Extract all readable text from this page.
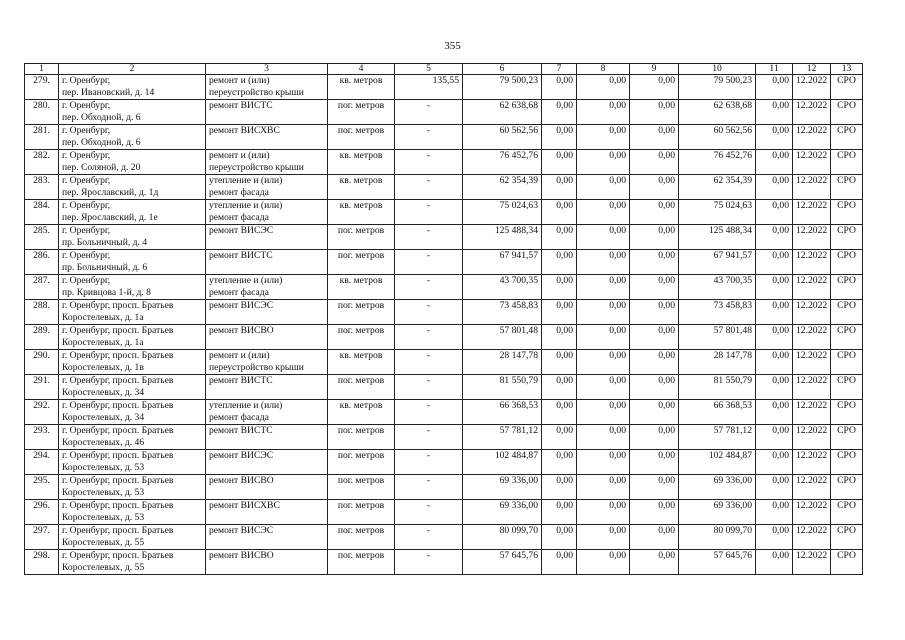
355
1	2	3	4	5	6	7	8	9	10	11	12	13
279.	г. Оренбург,
пер. Ивановский, д. 14	ремонт и (или)
переустройство крыши	кв. метров	135,55	79 500,23	0,00	0,00	0,00	79 500,23	0,00	12.2022	СРО
280.	г. Оренбург,
пер. Обходной, д. 6	ремонт ВИСТС	пог. метров	-	62 638,68	0,00	0,00	0,00	62 638,68	0,00	12.2022	СРО
281.	г. Оренбург,
пер. Обходной, д. 6	ремонт ВИСХВС	пог. метров	-	60 562,56	0,00	0,00	0,00	60 562,56	0,00	12.2022	СРО
282.	г. Оренбург,
пер. Соляной, д. 20	ремонт и (или)
переустройство крыши	кв. метров	-	76 452,76	0,00	0,00	0,00	76 452,76	0,00	12.2022	СРО
283.	г. Оренбург,
пер. Ярославский, д. 1д	утепление и (или)
ремонт фасада	кв. метров	-	62 354,39	0,00	0,00	0,00	62 354,39	0,00	12.2022	СРО
284.	г. Оренбург,
пер. Ярославский, д. 1е	утепление и (или)
ремонт фасада	кв. метров	-	75 024,63	0,00	0,00	0,00	75 024,63	0,00	12.2022	СРО
285.	г. Оренбург,
пр. Больничный, д. 4	ремонт ВИСЭС	пог. метров	-	125 488,34	0,00	0,00	0,00	125 488,34	0,00	12.2022	СРО
286.	г. Оренбург,
пр. Больничный, д. 6	ремонт ВИСТС	пог. метров	-	67 941,57	0,00	0,00	0,00	67 941,57	0,00	12.2022	СРО
287.	г. Оренбург,
пр. Кривцова 1-й, д. 8	утепление и (или)
ремонт фасада	кв. метров	-	43 700,35	0,00	0,00	0,00	43 700,35	0,00	12.2022	СРО
288.	г. Оренбург, просп. Братьев
Коростелевых, д. 1а	ремонт ВИСЭС	пог. метров	-	73 458,83	0,00	0,00	0,00	73 458,83	0,00	12.2022	СРО
289.	г. Оренбург, просп. Братьев
Коростелевых, д. 1а	ремонт ВИСВО	пог. метров	-	57 801,48	0,00	0,00	0,00	57 801,48	0,00	12.2022	СРО
290.	г. Оренбург, просп. Братьев
Коростелевых, д. 1в	ремонт и (или)
переустройство крыши	кв. метров	-	28 147,78	0,00	0,00	0,00	28 147,78	0,00	12.2022	СРО
291.	г. Оренбург, просп. Братьев
Коростелевых, д. 34	ремонт ВИСТС	пог. метров	-	81 550,79	0,00	0,00	0,00	81 550,79	0,00	12.2022	СРО
292.	г. Оренбург, просп. Братьев
Коростелевых, д. 34	утепление и (или)
ремонт фасада	кв. метров	-	66 368,53	0,00	0,00	0,00	66 368,53	0,00	12.2022	СРО
293.	г. Оренбург, просп. Братьев
Коростелевых, д. 46	ремонт ВИСТС	пог. метров	-	57 781,12	0,00	0,00	0,00	57 781,12	0,00	12.2022	СРО
294.	г. Оренбург, просп. Братьев
Коростелевых, д. 53	ремонт ВИСЭС	пог. метров	-	102 484,87	0,00	0,00	0,00	102 484,87	0,00	12.2022	СРО
295.	г. Оренбург, просп. Братьев
Коростелевых, д. 53	ремонт ВИСВО	пог. метров	-	69 336,00	0,00	0,00	0,00	69 336,00	0,00	12.2022	СРО
296.	г. Оренбург, просп. Братьев
Коростелевых, д. 53	ремонт ВИСХВС	пог. метров	-	69 336,00	0,00	0,00	0,00	69 336,00	0,00	12.2022	СРО
297.	г. Оренбург, просп. Братьев
Коростелевых, д. 55	ремонт ВИСЭС	пог. метров	-	80 099,70	0,00	0,00	0,00	80 099,70	0,00	12.2022	СРО
298.	г. Оренбург, просп. Братьев
Коростелевых, д. 55	ремонт ВИСВО	пог. метров	-	57 645,76	0,00	0,00	0,00	57 645,76	0,00	12.2022	СРО
